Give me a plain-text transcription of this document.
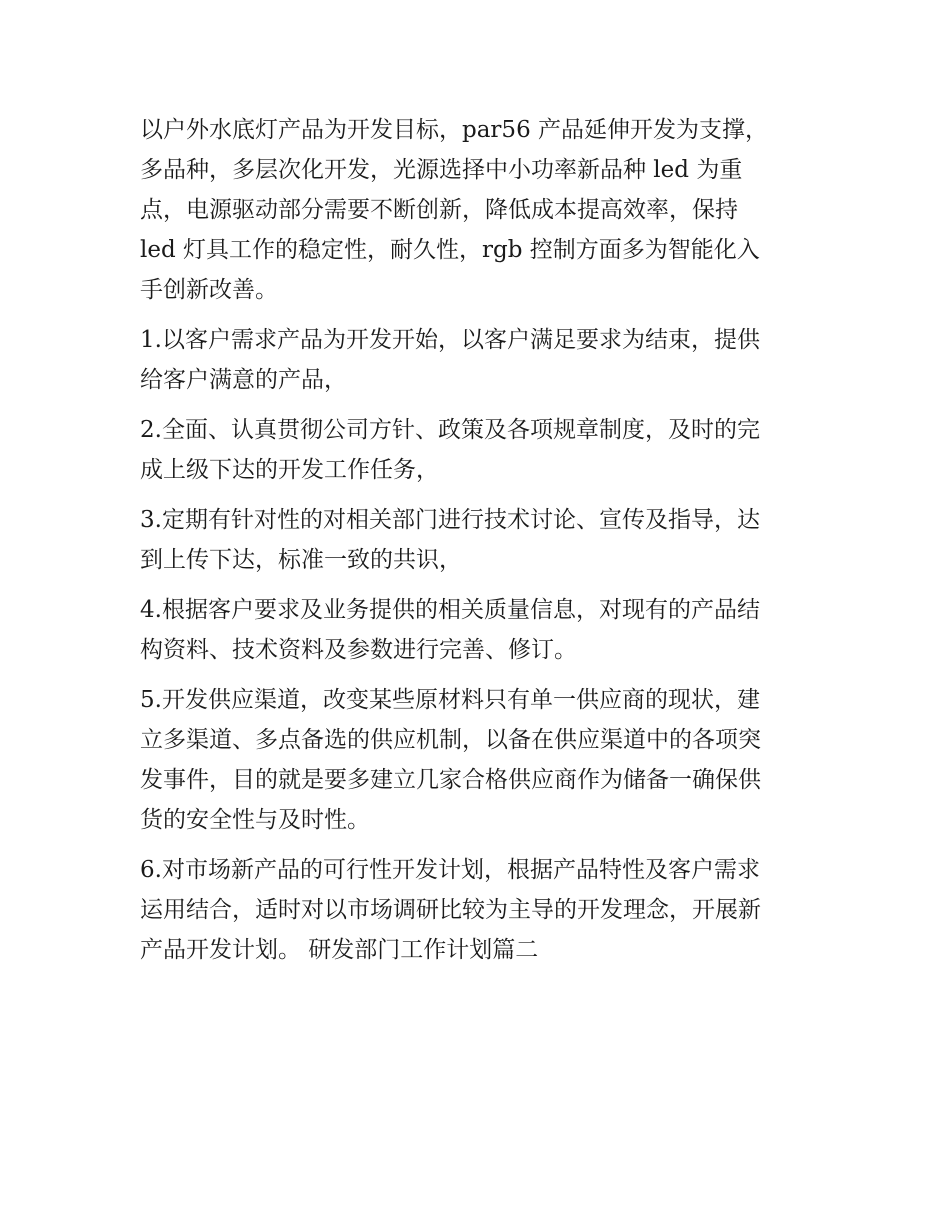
以户外水底灯产品为开发目标，par56 产品延伸开发为支撑，
多品种，多层次化开发，光源选择中小功率新品种 led 为重
点，电源驱动部分需要不断创新，降低成本提高效率，保持
led 灯具工作的稳定性，耐久性，rgb 控制方面多为智能化入
手创新改善。

1.以客户需求产品为开发开始，以客户满足要求为结束，提供
给客户满意的产品，

2.全面、认真贯彻公司方针、政策及各项规章制度，及时的完
成上级下达的开发工作任务，

3.定期有针对性的对相关部门进行技术讨论、宣传及指导，达
到上传下达，标准一致的共识，

4.根据客户要求及业务提供的相关质量信息，对现有的产品结
构资料、技术资料及参数进行完善、修订。

5.开发供应渠道，改变某些原材料只有单一供应商的现状，建
立多渠道、多点备选的供应机制，以备在供应渠道中的各项突
发事件，目的就是要多建立几家合格供应商作为储备一确保供
货的安全性与及时性。

6.对市场新产品的可行性开发计划，根据产品特性及客户需求
运用结合，适时对以市场调研比较为主导的开发理念，开展新
产品开发计划。 研发部门工作计划篇二
